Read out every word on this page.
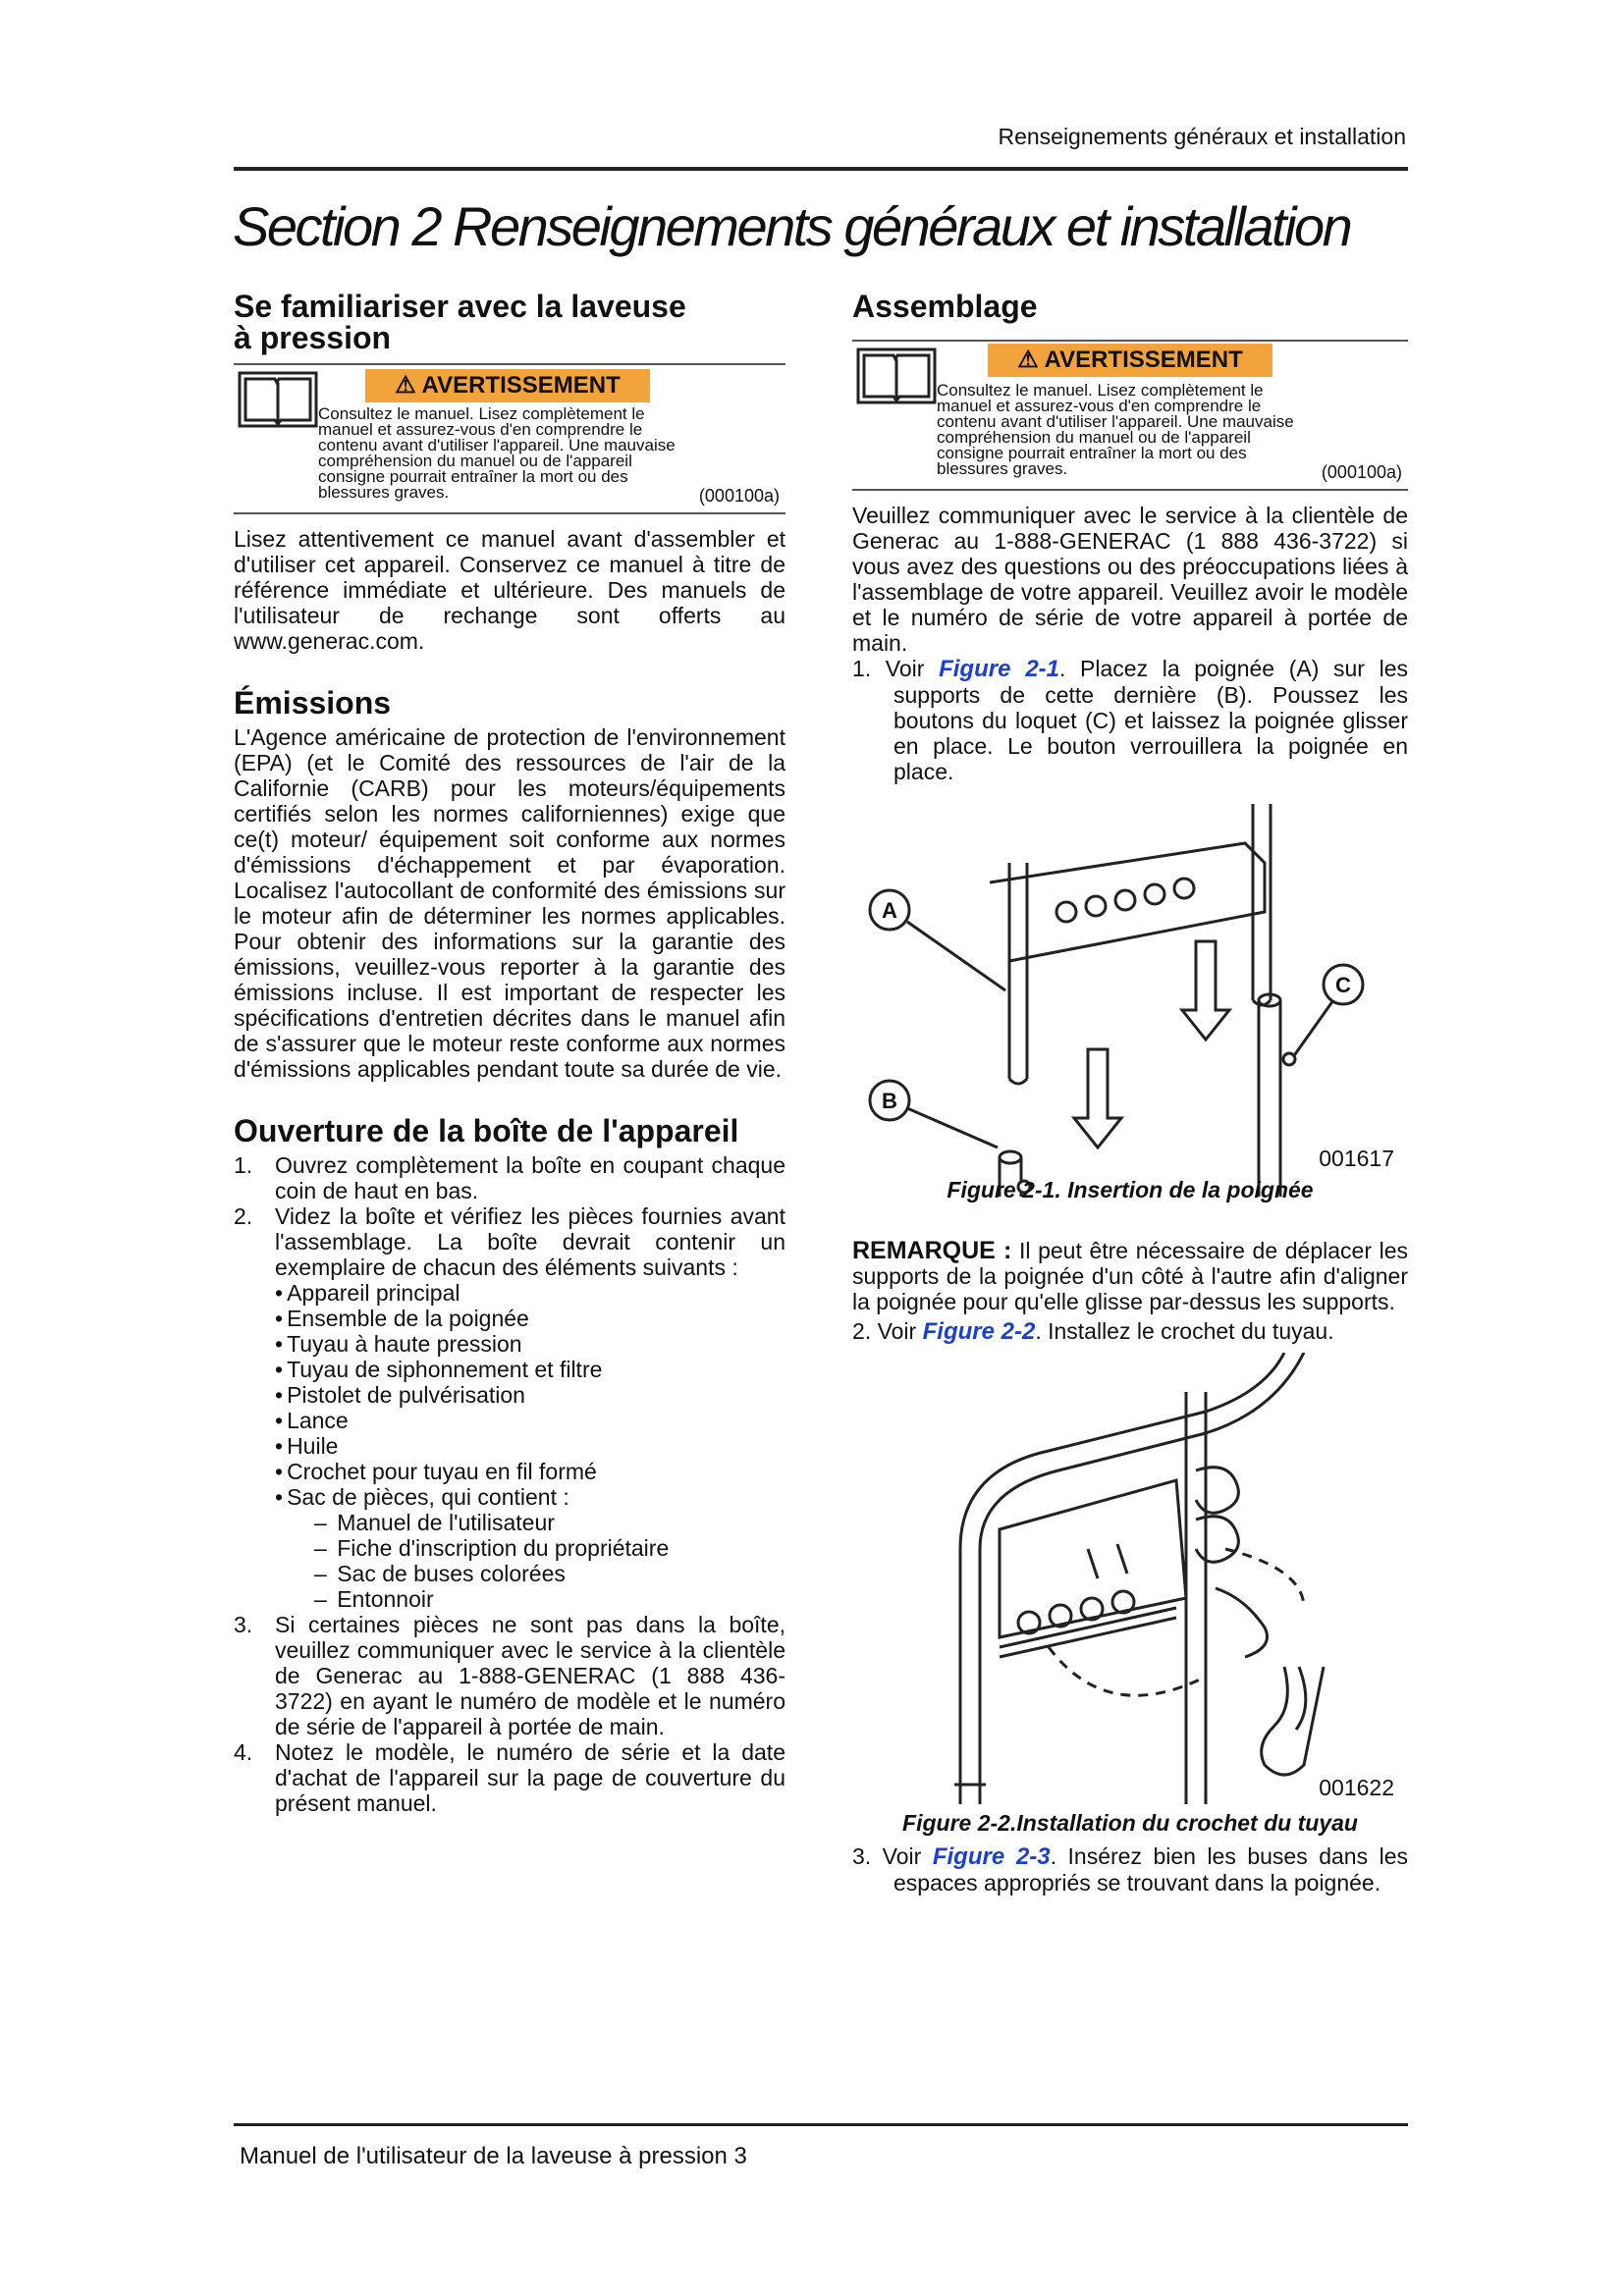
Renseignements généraux et installation
Section 2 Renseignements généraux et installation
Se familiariser avec la laveuse
à pression
⚠ AVERTISSEMENT
Consultez le manuel. Lisez complètement le
manuel et assurez-vous d'en comprendre le
contenu avant d'utiliser l'appareil. Une mauvaise
compréhension du manuel ou de l'appareil
consigne pourrait entraîner la mort ou des
blessures graves.	(000100a)

Lisez attentivement ce manuel avant d'assembler et d'utiliser cet appareil. Conservez ce manuel à titre de référence immédiate et ultérieure. Des manuels de l'utilisateur de rechange sont offerts au www.generac.com.

Émissions

L'Agence américaine de protection de l'environnement (EPA) (et le Comité des ressources de l'air de la Californie (CARB) pour les moteurs/équipements certifiés selon les normes californiennes) exige que ce(t) moteur/ équipement soit conforme aux normes d'émissions d'échappement et par évaporation. Localisez l'autocollant de conformité des émissions sur le moteur afin de déterminer les normes applicables. Pour obtenir des informations sur la garantie des émissions, veuillez-vous reporter à la garantie des émissions incluse. Il est important de respecter les spécifications d'entretien décrites dans le manuel afin de s'assurer que le moteur reste conforme aux normes d'émissions applicables pendant toute sa durée de vie.

Ouverture de la boîte de l'appareil
1. Ouvrez complètement la boîte en coupant chaque coin de haut en bas.
2. Videz la boîte et vérifiez les pièces fournies avant l'assemblage. La boîte devrait contenir un exemplaire de chacun des éléments suivants :
• Appareil principal
• Ensemble de la poignée
• Tuyau à haute pression
• Tuyau de siphonnement et filtre
• Pistolet de pulvérisation
• Lance
• Huile
• Crochet pour tuyau en fil formé
• Sac de pièces, qui contient :
– Manuel de l'utilisateur
– Fiche d'inscription du propriétaire
– Sac de buses colorées
– Entonnoir
3. Si certaines pièces ne sont pas dans la boîte, veuillez communiquer avec le service à la clientèle de Generac au 1-888-GENERAC (1 888 436-3722) en ayant le numéro de modèle et le numéro de série de l'appareil à portée de main.
4. Notez le modèle, le numéro de série et la date d'achat de l'appareil sur la page de couverture du présent manuel.
Assemblage
⚠ AVERTISSEMENT
Consultez le manuel. Lisez complètement le
manuel et assurez-vous d'en comprendre le
contenu avant d'utiliser l'appareil. Une mauvaise
compréhension du manuel ou de l'appareil
consigne pourrait entraîner la mort ou des
blessures graves.	(000100a)

Veuillez communiquer avec le service à la clientèle de Generac au 1-888-GENERAC (1 888 436-3722) si vous avez des questions ou des préoccupations liées à l'assemblage de votre appareil. Veuillez avoir le modèle et le numéro de série de votre appareil à portée de main.

1. Voir Figure 2-1. Placez la poignée (A) sur les supports de cette dernière (B). Poussez les boutons du loquet (C) et laissez la poignée glisser en place. Le bouton verrouillera la poignée en place.

A
B
C
001617
Figure 2-1. Insertion de la poignée

REMARQUE : Il peut être nécessaire de déplacer les supports de la poignée d'un côté à l'autre afin d'aligner la poignée pour qu'elle glisse par-dessus les supports.

2. Voir Figure 2-2. Installez le crochet du tuyau.

001622
Figure 2-2.Installation du crochet du tuyau

3. Voir Figure 2-3. Insérez bien les buses dans les espaces appropriés se trouvant dans la poignée.

Manuel de l'utilisateur de la laveuse à pression 3
